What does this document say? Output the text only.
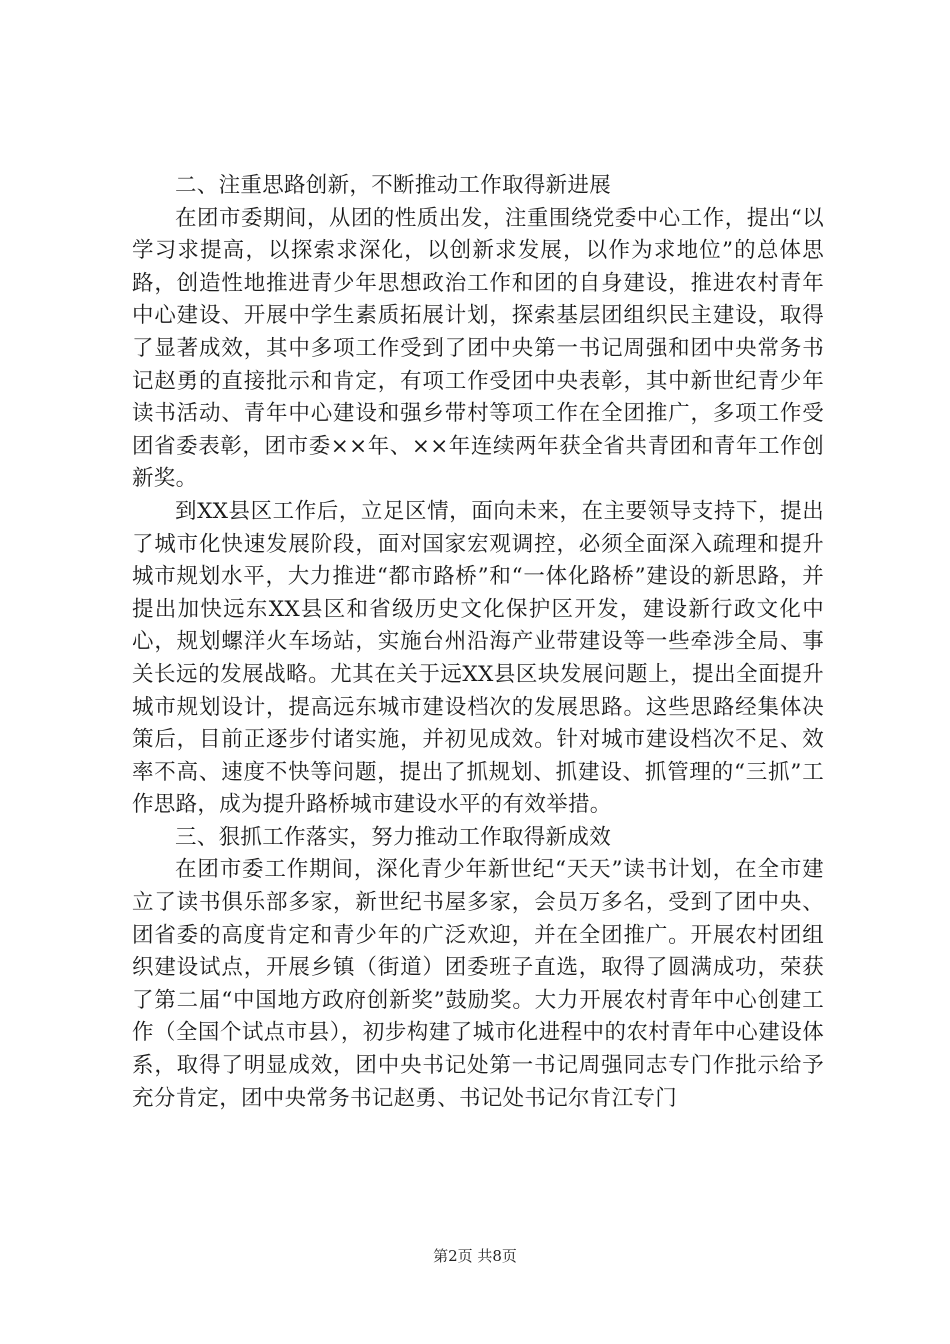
二、注重思路创新，不断推动工作取得新进展

在团市委期间，从团的性质出发，注重围绕党委中心工作，提出“以学习求提高，以探索求深化，以创新求发展，以作为求地位”的总体思路，创造性地推进青少年思想政治工作和团的自身建设，推进农村青年中心建设、开展中学生素质拓展计划，探索基层团组织民主建设，取得了显著成效，其中多项工作受到了团中央第一书记周强和团中央常务书记赵勇的直接批示和肯定，有项工作受团中央表彰，其中新世纪青少年读书活动、青年中心建设和强乡带村等项工作在全团推广，多项工作受团省委表彰，团市委××年、××年连续两年获全省共青团和青年工作创新奖。

到XX县区工作后，立足区情，面向未来，在主要领导支持下，提出了城市化快速发展阶段，面对国家宏观调控，必须全面深入疏理和提升城市规划水平，大力推进“都市路桥”和“一体化路桥”建设的新思路，并提出加快远东XX县区和省级历史文化保护区开发，建设新行政文化中心，规划螺洋火车场站，实施台州沿海产业带建设等一些牵涉全局、事关长远的发展战略。尤其在关于远XX县区块发展问题上，提出全面提升城市规划设计，提高远东城市建设档次的发展思路。这些思路经集体决策后，目前正逐步付诸实施，并初见成效。针对城市建设档次不足、效率不高、速度不快等问题，提出了抓规划、抓建设、抓管理的“三抓”工作思路，成为提升路桥城市建设水平的有效举措。

三、狠抓工作落实，努力推动工作取得新成效

在团市委工作期间，深化青少年新世纪“天天”读书计划，在全市建立了读书俱乐部多家，新世纪书屋多家，会员万多名，受到了团中央、团省委的高度肯定和青少年的广泛欢迎，并在全团推广。开展农村团组织建设试点，开展乡镇（街道）团委班子直选，取得了圆满成功，荣获了第二届“中国地方政府创新奖”鼓励奖。大力开展农村青年中心创建工作（全国个试点市县），初步构建了城市化进程中的农村青年中心建设体系，取得了明显成效，团中央书记处第一书记周强同志专门作批示给予充分肯定，团中央常务书记赵勇、书记处书记尔肯江专门

第2页 共8页
